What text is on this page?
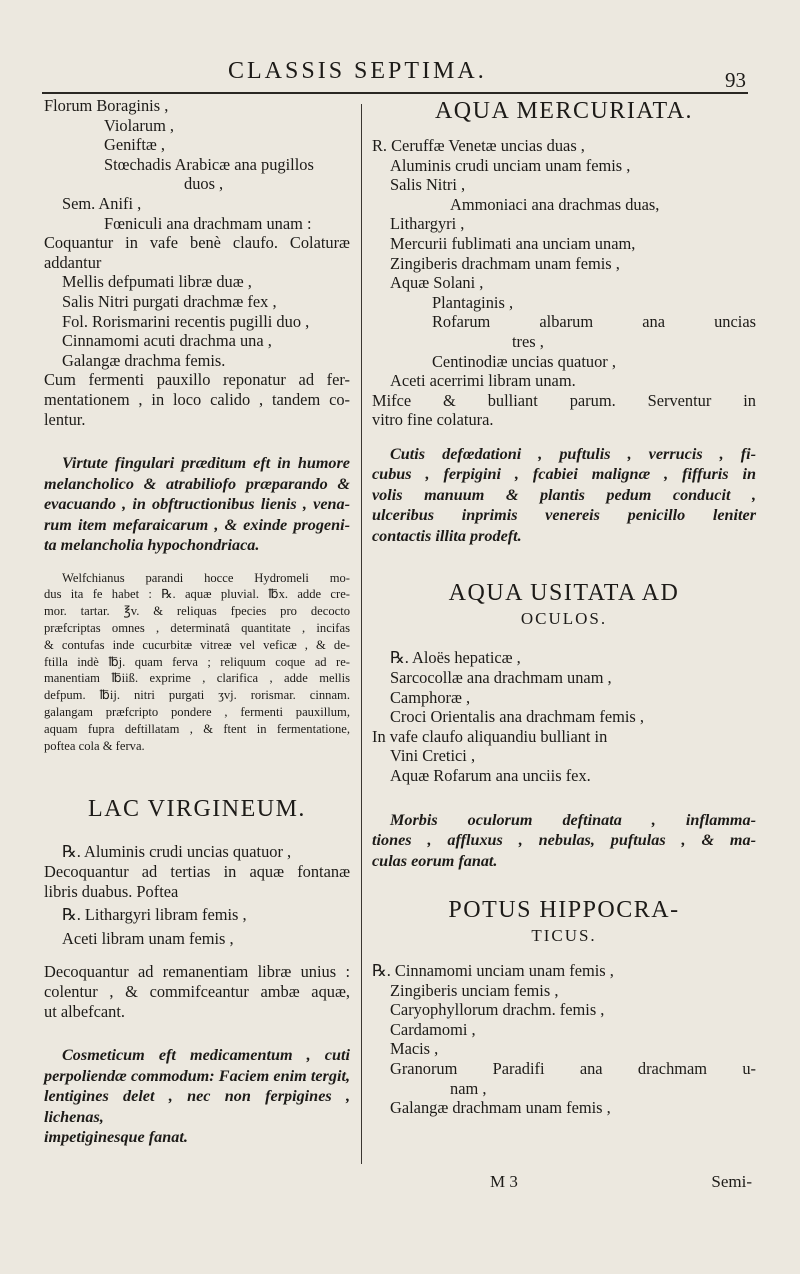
CLASSIS SEPTIMA.	93
Florum Boraginis ,
Violarum ,
Geniftæ ,
Stœchadis Arabicæ ana pugillos
duos ,
Sem. Anifi ,
Fœniculi ana drachmam unam :
Coquantur in vafe benè claufo. Colaturæ
addantur
Mellis defpumati libræ duæ ,
Salis Nitri purgati drachmæ fex ,
Fol. Rorismarini recentis pugilli duo ,
Cinnamomi acuti drachma una ,
Galangæ drachma femis.
Cum fermenti pauxillo reponatur ad fer-
mentationem , in loco calido , tandem co-
lentur.
Virtute fingulari præditum eft in humore
melancholico & atrabiliofo præparando &
evacuando , in obftructionibus lienis , vena-
rum item mefaraicarum , & exinde progeni-
ta melancholia hypochondriaca.
Welfchianus parandi hocce Hydromeli mo-
dus ita fe habet : ℞. aquæ pluvial. ℔x. adde cre-
mor. tartar. ℥v. & reliquas fpecies pro decocto
præfcriptas omnes , determinatâ quantitate , incifas
& contufas inde cucurbitæ vitreæ vel veficæ , & de-
ftilla indè ℔j. quam ferva ; reliquum coque ad re-
manentiam ℔iiß. exprime , clarifica , adde mellis
defpum. ℔ij. nitri purgati ʒvj. rorismar. cinnam.
galangam præfcripto pondere , fermenti pauxillum,
aquam fupra deftillatam , & ftent in fermentatione,
poftea cola & ferva.
LAC VIRGINEUM.
℞. Aluminis crudi uncias quatuor ,
Decoquantur ad tertias in aquæ fontanæ
libris duabus. Poftea
℞. Lithargyri libram femis ,
Aceti libram unam femis ,
Decoquantur ad remanentiam libræ unius :
colentur , & commifceantur ambæ aquæ,
ut albefcant.
Cosmeticum eft medicamentum , cuti
perpoliendæ commodum: Faciem enim tergit,
lentigines delet , nec non ferpigines , lichenas,
impetiginesque fanat.
AQUA MERCURIATA.
R. Ceruffæ Venetæ uncias duas ,
Aluminis crudi unciam unam femis ,
Salis Nitri ,
Ammoniaci ana drachmas duas,
Lithargyri ,
Mercurii fublimati ana unciam unam,
Zingiberis drachmam unam femis ,
Aquæ Solani ,
Plantaginis ,
Rofarum albarum ana uncias
tres ,
Centinodiæ uncias quatuor ,
Aceti acerrimi libram unam.
Mifce & bulliant parum. Serventur in
vitro fine colatura.
Cutis defœdationi , puftulis , verrucis , fi-
cubus , ferpigini , fcabiei malignæ , fiffuris in
volis manuum & plantis pedum conducit ,
ulceribus inprimis venereis penicillo leniter
contactis illita prodeft.
AQUA USITATA AD
OCULOS.
℞. Aloës hepaticæ ,
Sarcocollæ ana drachmam unam ,
Camphoræ ,
Croci Orientalis ana drachmam femis ,
In vafe claufo aliquandiu bulliant in
Vini Cretici ,
Aquæ Rofarum ana unciis fex.
Morbis oculorum deftinata , inflamma-
tiones , affluxus , nebulas, puftulas , & ma-
culas eorum fanat.
POTUS HIPPOCRA-
TICUS.
℞. Cinnamomi unciam unam femis ,
Zingiberis unciam femis ,
Caryophyllorum drachm. femis ,
Cardamomi ,
Macis ,
Granorum Paradifi ana drachmam u-
nam ,
Galangæ drachmam unam femis ,
M 3	Semi-
